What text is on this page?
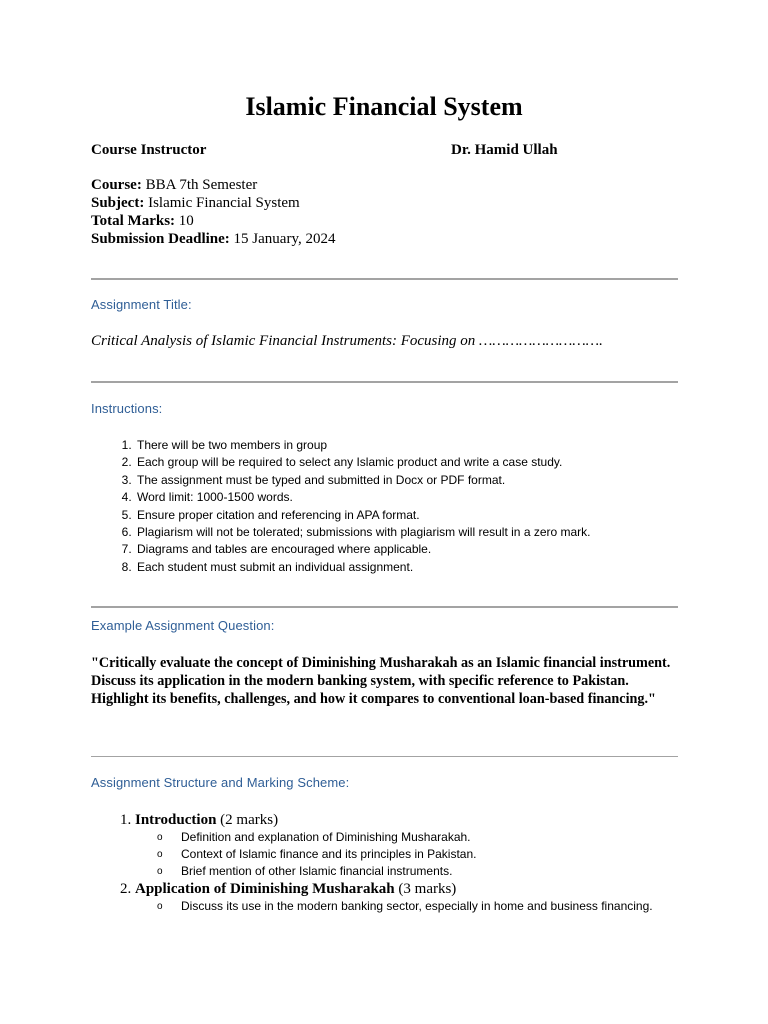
Islamic Financial System
Course Instructor	Dr. Hamid Ullah
Course: BBA 7th Semester
Subject: Islamic Financial System
Total Marks: 10
Submission Deadline: 15 January, 2024
Assignment Title:
Critical Analysis of Islamic Financial Instruments: Focusing on ……………………….
Instructions:
1. There will be two members in group
2. Each group will be required to select any Islamic product and write a case study.
3. The assignment must be typed and submitted in Docx or PDF format.
4. Word limit: 1000-1500 words.
5. Ensure proper citation and referencing in APA format.
6. Plagiarism will not be tolerated; submissions with plagiarism will result in a zero mark.
7. Diagrams and tables are encouraged where applicable.
8. Each student must submit an individual assignment.
Example Assignment Question:
"Critically evaluate the concept of Diminishing Musharakah as an Islamic financial instrument. Discuss its application in the modern banking system, with specific reference to Pakistan. Highlight its benefits, challenges, and how it compares to conventional loan-based financing."
Assignment Structure and Marking Scheme:
1. Introduction (2 marks)
o Definition and explanation of Diminishing Musharakah.
o Context of Islamic finance and its principles in Pakistan.
o Brief mention of other Islamic financial instruments.
2. Application of Diminishing Musharakah (3 marks)
o Discuss its use in the modern banking sector, especially in home and business financing.
